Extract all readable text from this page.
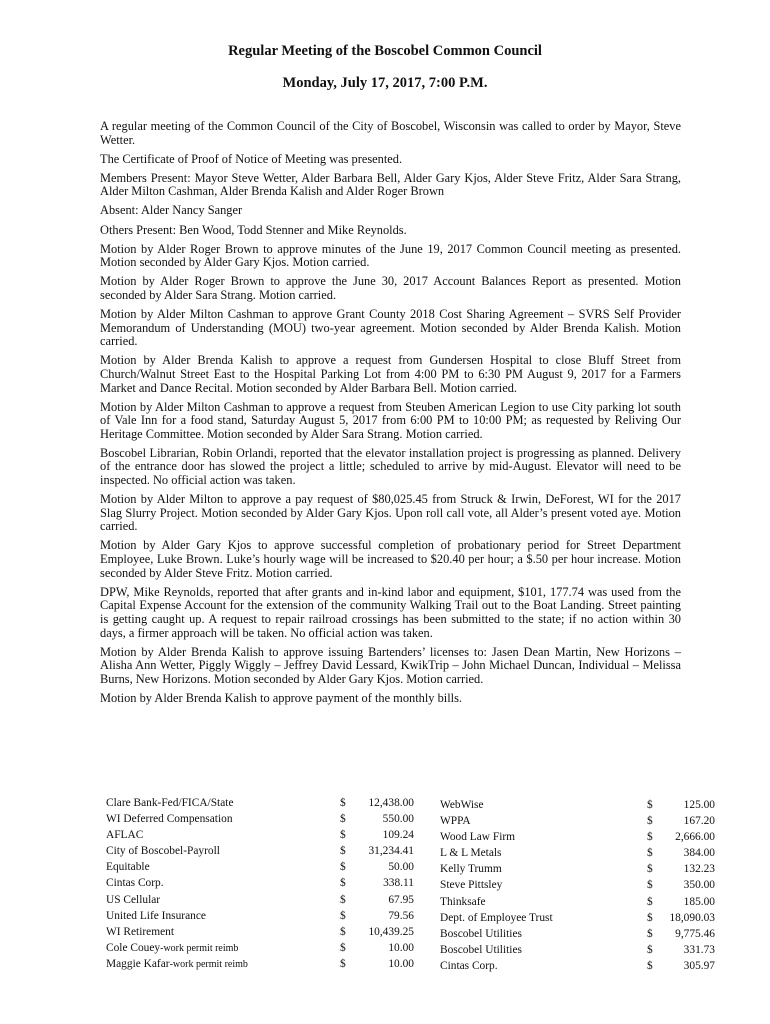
Regular Meeting of the Boscobel Common Council
Monday, July 17, 2017, 7:00 P.M.

A regular meeting of the Common Council of the City of Boscobel, Wisconsin was called to order by Mayor, Steve Wetter.

The Certificate of Proof of Notice of Meeting was presented.

Members Present: Mayor Steve Wetter, Alder Barbara Bell, Alder Gary Kjos, Alder Steve Fritz, Alder Sara Strang, Alder Milton Cashman, Alder Brenda Kalish and Alder Roger Brown

Absent: Alder Nancy Sanger

Others Present: Ben Wood, Todd Stenner and Mike Reynolds.

Motion by Alder Roger Brown to approve minutes of the June 19, 2017 Common Council meeting as presented. Motion seconded by Alder Gary Kjos. Motion carried.

Motion by Alder Roger Brown to approve the June 30, 2017 Account Balances Report as presented. Motion seconded by Alder Sara Strang. Motion carried.

Motion by Alder Milton Cashman to approve Grant County 2018 Cost Sharing Agreement – SVRS Self Provider Memorandum of Understanding (MOU) two-year agreement. Motion seconded by Alder Brenda Kalish. Motion carried.

Motion by Alder Brenda Kalish to approve a request from Gundersen Hospital to close Bluff Street from Church/Walnut Street East to the Hospital Parking Lot from 4:00 PM to 6:30 PM August 9, 2017 for a Farmers Market and Dance Recital. Motion seconded by Alder Barbara Bell. Motion carried.

Motion by Alder Milton Cashman to approve a request from Steuben American Legion to use City parking lot south of Vale Inn for a food stand, Saturday August 5, 2017 from 6:00 PM to 10:00 PM; as requested by Reliving Our Heritage Committee. Motion seconded by Alder Sara Strang. Motion carried.

Boscobel Librarian, Robin Orlandi, reported that the elevator installation project is progressing as planned. Delivery of the entrance door has slowed the project a little; scheduled to arrive by mid-August. Elevator will need to be inspected. No official action was taken.

Motion by Alder Milton to approve a pay request of $80,025.45 from Struck & Irwin, DeForest, WI for the 2017 Slag Slurry Project. Motion seconded by Alder Gary Kjos. Upon roll call vote, all Alder’s present voted aye. Motion carried.

Motion by Alder Gary Kjos to approve successful completion of probationary period for Street Department Employee, Luke Brown. Luke’s hourly wage will be increased to $20.40 per hour; a $.50 per hour increase. Motion seconded by Alder Steve Fritz. Motion carried.

DPW, Mike Reynolds, reported that after grants and in-kind labor and equipment, $101, 177.74 was used from the Capital Expense Account for the extension of the community Walking Trail out to the Boat Landing. Street painting is getting caught up. A request to repair railroad crossings has been submitted to the state; if no action within 30 days, a firmer approach will be taken. No official action was taken.

Motion by Alder Brenda Kalish to approve issuing Bartenders’ licenses to: Jasen Dean Martin, New Horizons – Alisha Ann Wetter, Piggly Wiggly – Jeffrey David Lessard, KwikTrip – John Michael Duncan, Individual – Melissa Burns, New Horizons. Motion seconded by Alder Gary Kjos. Motion carried.

Motion by Alder Brenda Kalish to approve payment of the monthly bills.

Clare Bank-Fed/FICA/State	$	12,438.00
WI Deferred Compensation	$	550.00
AFLAC	$	109.24
City of Boscobel-Payroll	$	31,234.41
Equitable	$	50.00
Cintas Corp.	$	338.11
US Cellular	$	67.95
United Life Insurance	$	79.56
WI Retirement	$	10,439.25
Cole Couey-work permit reimb	$	10.00
Maggie Kafar-work permit reimb	$	10.00
WebWise	$	125.00
WPPA	$	167.20
Wood Law Firm	$	2,666.00
L & L Metals	$	384.00
Kelly Trumm	$	132.23
Steve Pittsley	$	350.00
Thinksafe	$	185.00
Dept. of Employee Trust	$	18,090.03
Boscobel Utilities	$	9,775.46
Boscobel Utilities	$	331.73
Cintas Corp.	$	305.97
